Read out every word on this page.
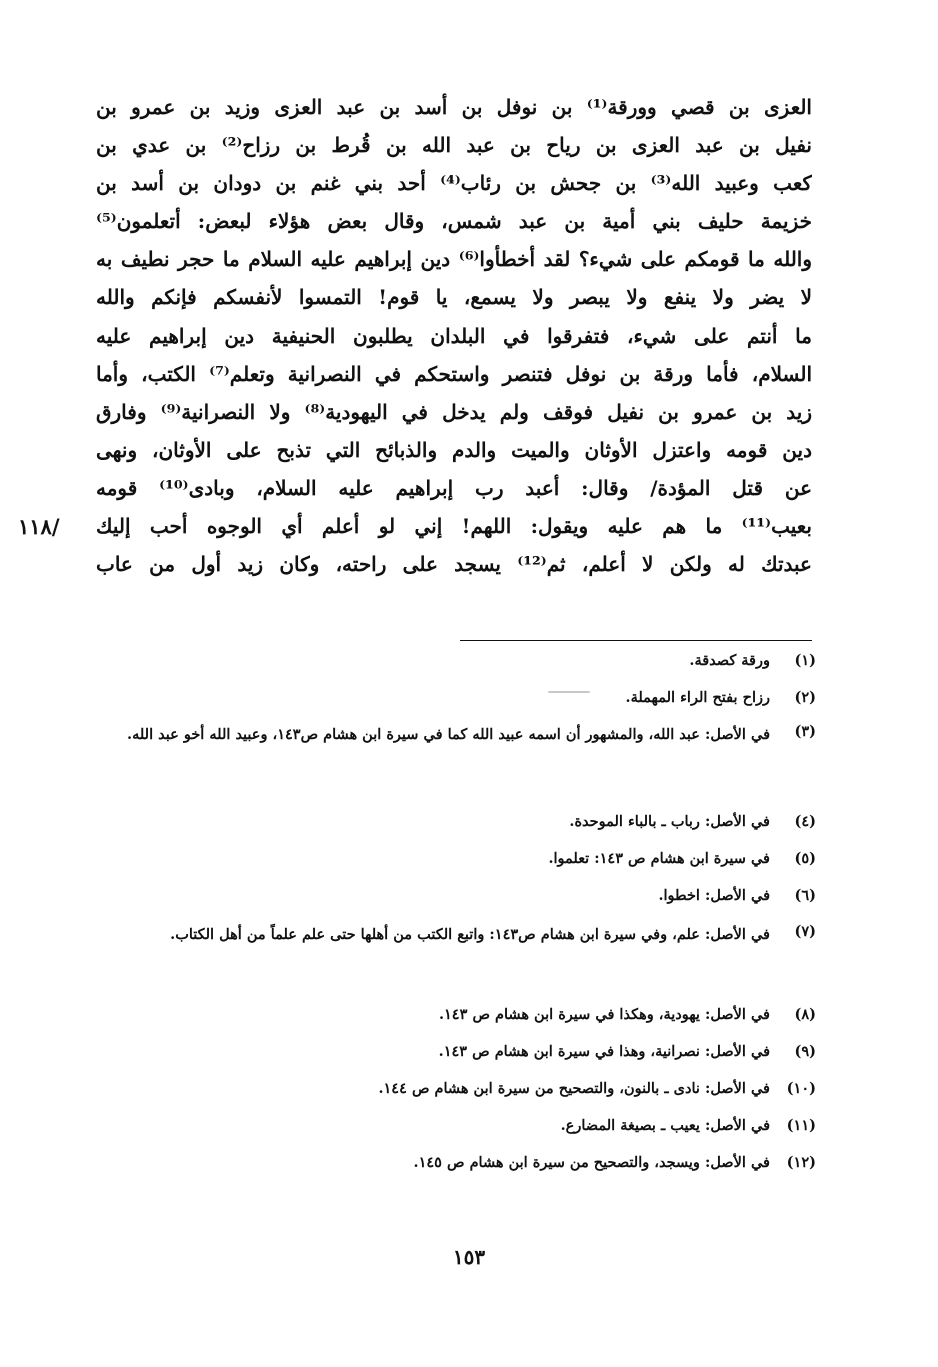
العزى بن قصي وورقة⁽¹⁾ بن نوفل بن أسد بن عبد العزى وزيد بن عمرو بن
نفيل بن عبد العزى بن رياح بن عبد الله بن قُرط بن رزاح⁽²⁾ بن عدي بن
كعب وعبيد الله⁽³⁾ بن جحش بن رئاب⁽⁴⁾ أحد بني غنم بن دودان بن أسد بن
خزيمة حليف بني أمية بن عبد شمس، وقال بعض هؤلاء لبعض: أتعلمون⁽⁵⁾
والله ما قومكم على شيء؟ لقد أخطأوا⁽⁶⁾ دين إبراهيم عليه السلام ما حجر نطيف به
لا يضر ولا ينفع ولا يبصر ولا يسمع، يا قوم! التمسوا لأنفسكم فإنكم والله
ما أنتم على شيء، فتفرقوا في البلدان يطلبون الحنيفية دين إبراهيم عليه
السلام، فأما ورقة بن نوفل فتنصر واستحكم في النصرانية وتعلم⁽⁷⁾ الكتب، وأما
زيد بن عمرو بن نفيل فوقف ولم يدخل في اليهودية⁽⁸⁾ ولا النصرانية⁽⁹⁾ وفارق
دين قومه واعتزل الأوثان والميت والدم والذبائح التي تذبح على الأوثان، ونهى
عن قتل المؤدة/ وقال: أعبد رب إبراهيم عليه السلام، وبادى⁽¹⁰⁾ قومه
بعيب⁽¹¹⁾ ما هم عليه ويقول: اللهم! إني لو أعلم أي الوجوه أحب إليك
عبدتك له ولكن لا أعلم، ثم⁽¹²⁾ يسجد على راحته، وكان زيد أول من عاب
١١٨/
(١)
ورقة كصدقة.
(٢)
رزاح بفتح الراء المهملة.
(٣)
في الأصل: عبد الله، والمشهور أن اسمه عبيد الله كما في سيرة ابن هشام ص١٤٣، وعبيد الله أخو عبد الله.
(٤)
في الأصل: رباب ـ بالباء الموحدة.
(٥)
في سيرة ابن هشام ص ١٤٣: تعلموا.
(٦)
في الأصل: اخطوا.
(٧)
في الأصل: علم، وفي سيرة ابن هشام ص١٤٣: واتبع الكتب من أهلها حتى علم علماً من أهل الكتاب.
(٨)
في الأصل: يهودية، وهكذا في سيرة ابن هشام ص ١٤٣.
(٩)
في الأصل: نصرانية، وهذا في سيرة ابن هشام ص ١٤٣.
(١٠)
في الأصل: نادى ـ بالنون، والتصحيح من سيرة ابن هشام ص ١٤٤.
(١١)
في الأصل: يعيب ـ بصيغة المضارع.
(١٢)
في الأصل: ويسجد، والتصحيح من سيرة ابن هشام ص ١٤٥.
١٥٣
